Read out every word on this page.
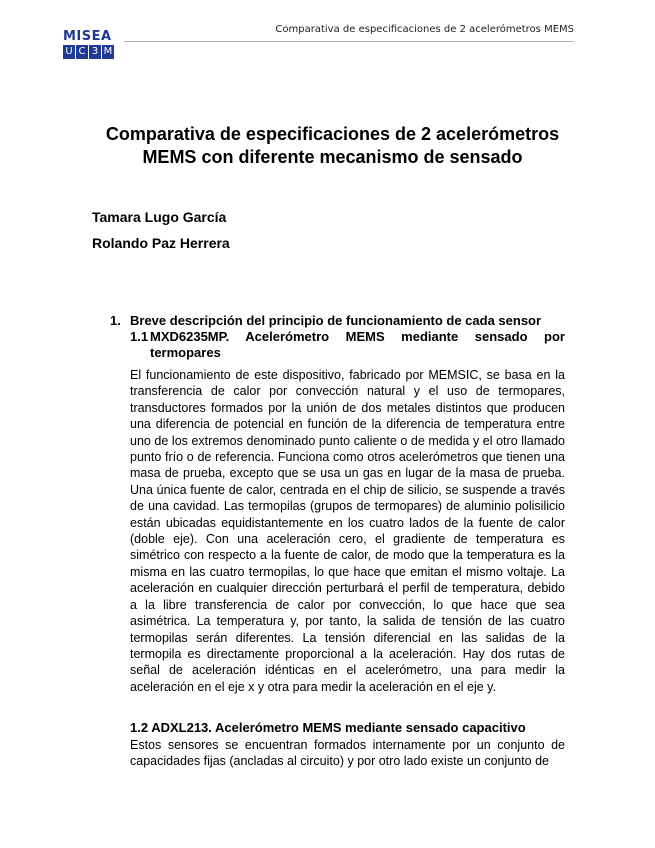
MISEA
U C 3 M
Comparativa de especificaciones de 2 acelerómetros MEMS
Comparativa de especificaciones de 2 acelerómetros
MEMS con diferente mecanismo de sensado

Tamara Lugo García

Rolando Paz Herrera

1. Breve descripción del principio de funcionamiento de cada sensor
1.1 MXD6235MP. Acelerómetro MEMS mediante sensado por
termopares

El funcionamiento de este dispositivo, fabricado por MEMSIC, se basa en la transferencia de calor por convección natural y el uso de termopares, transductores formados por la unión de dos metales distintos que producen una diferencia de potencial en función de la diferencia de temperatura entre uno de los extremos denominado punto caliente o de medida y el otro llamado punto frío o de referencia. Funciona como otros acelerómetros que tienen una masa de prueba, excepto que se usa un gas en lugar de la masa de prueba. Una única fuente de calor, centrada en el chip de silicio, se suspende a través de una cavidad. Las termopilas (grupos de termopares) de aluminio polisilicio están ubicadas equidistantemente en los cuatro lados de la fuente de calor (doble eje). Con una aceleración cero, el gradiente de temperatura es simétrico con respecto a la fuente de calor, de modo que la temperatura es la misma en las cuatro termopilas, lo que hace que emitan el mismo voltaje. La aceleración en cualquier dirección perturbará el perfil de temperatura, debido a la libre transferencia de calor por convección, lo que hace que sea asimétrica. La temperatura y, por tanto, la salida de tensión de las cuatro termopilas serán diferentes. La tensión diferencial en las salidas de la termopila es directamente proporcional a la aceleración. Hay dos rutas de señal de aceleración idénticas en el acelerómetro, una para medir la aceleración en el eje x y otra para medir la aceleración en el eje y.

1.2 ADXL213. Acelerómetro MEMS mediante sensado capacitivo

Estos sensores se encuentran formados internamente por un conjunto de capacidades fijas (ancladas al circuito) y por otro lado existe un conjunto de
